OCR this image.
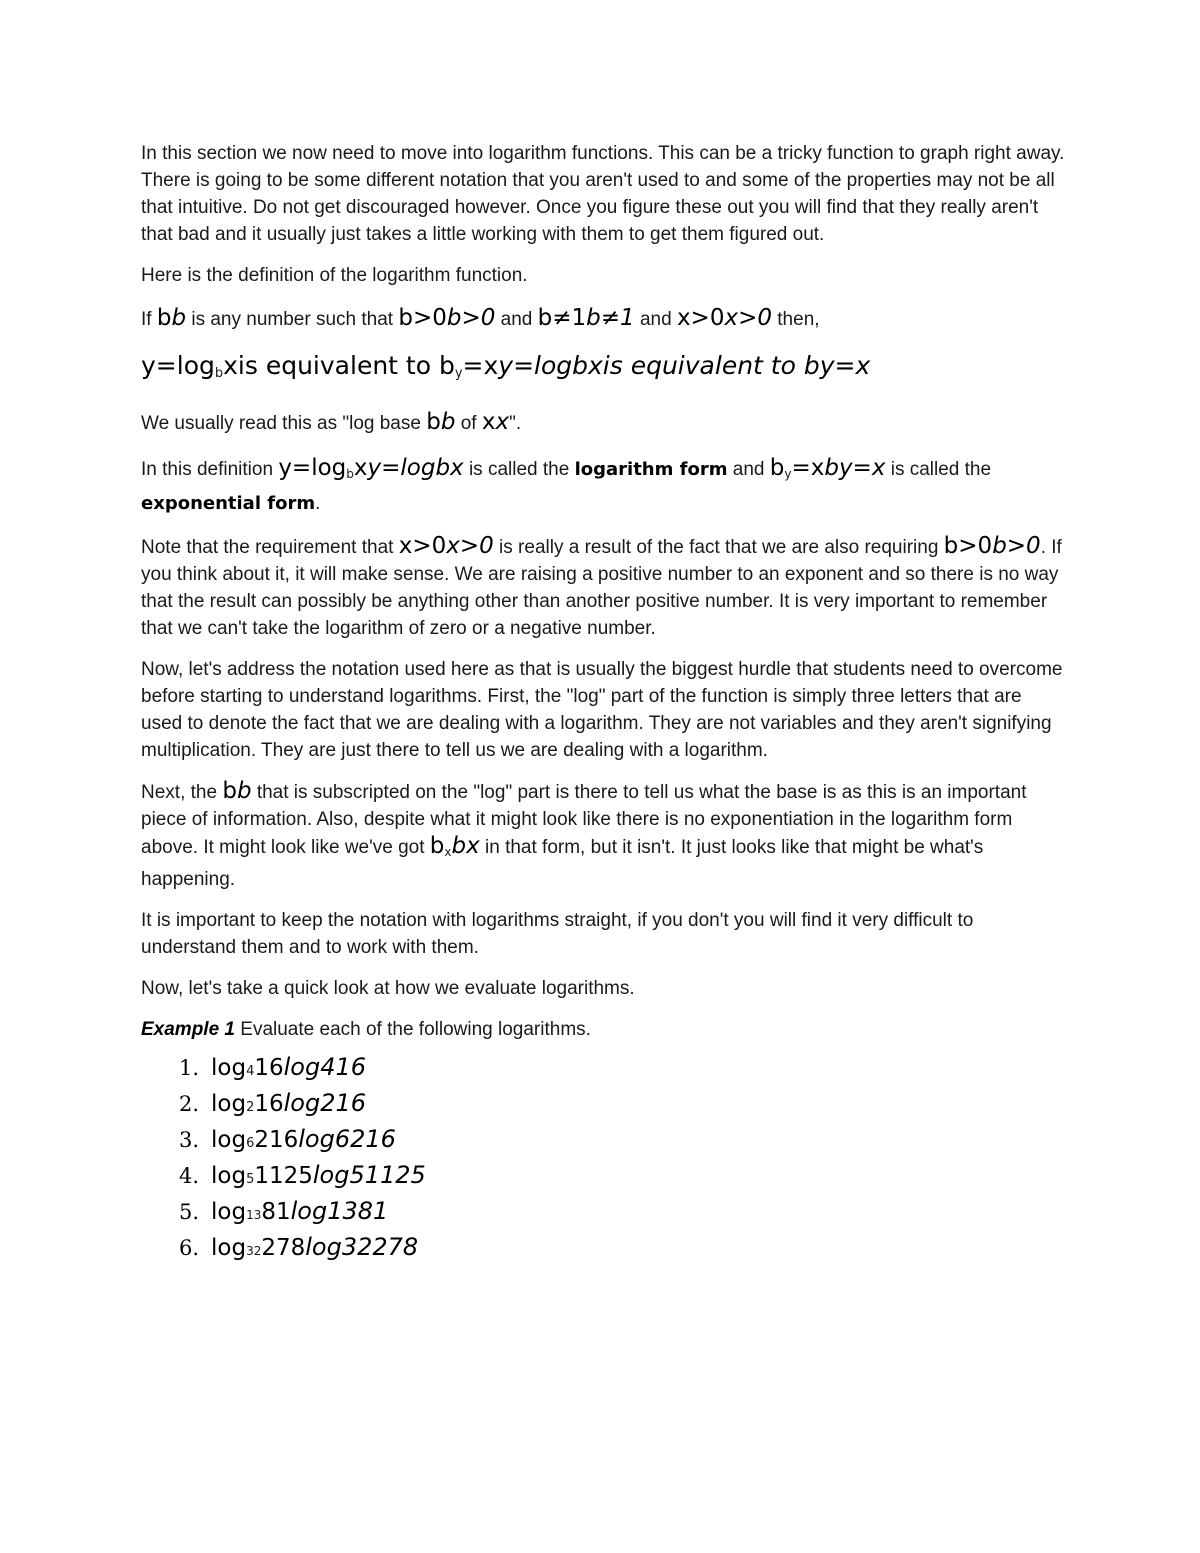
In this section we now need to move into logarithm functions. This can be a tricky function to graph right away. There is going to be some different notation that you aren't used to and some of the properties may not be all that intuitive. Do not get discouraged however. Once you figure these out you will find that they really aren't that bad and it usually just takes a little working with them to get them figured out.

Here is the definition of the logarithm function.

If bb is any number such that b>0b>0 and b≠1b≠1 and x>0x>0 then,

$y=\log_bxis$ equivalent to $b_y=xy=logbxis$ equivalent to by=x

We usually read this as "log base bb of xx".

In this definition y=logbxy=logbx is called the logarithm form and by=xby=x is called the exponential form.

Note that the requirement that x>0x>0 is really a result of the fact that we are also requiring b>0b>0. If you think about it, it will make sense. We are raising a positive number to an exponent and so there is no way that the result can possibly be anything other than another positive number. It is very important to remember that we can't take the logarithm of zero or a negative number.

Now, let's address the notation used here as that is usually the biggest hurdle that students need to overcome before starting to understand logarithms. First, the "log" part of the function is simply three letters that are used to denote the fact that we are dealing with a logarithm. They are not variables and they aren't signifying multiplication. They are just there to tell us we are dealing with a logarithm.

Next, the bb that is subscripted on the "log" part is there to tell us what the base is as this is an important piece of information. Also, despite what it might look like there is no exponentiation in the logarithm form above. It might look like we've got bxbx in that form, but it isn't. It just looks like that might be what's happening.

It is important to keep the notation with logarithms straight, if you don't you will find it very difficult to understand them and to work with them.

Now, let's take a quick look at how we evaluate logarithms.

Example 1 Evaluate each of the following logarithms.

1. log 4 16 log416
2. log 2 16 log216
3. log 6 216 log6216
4. log 5 1125 log51125
5. log 13 81 log1381
6. log 32 278 log32278
